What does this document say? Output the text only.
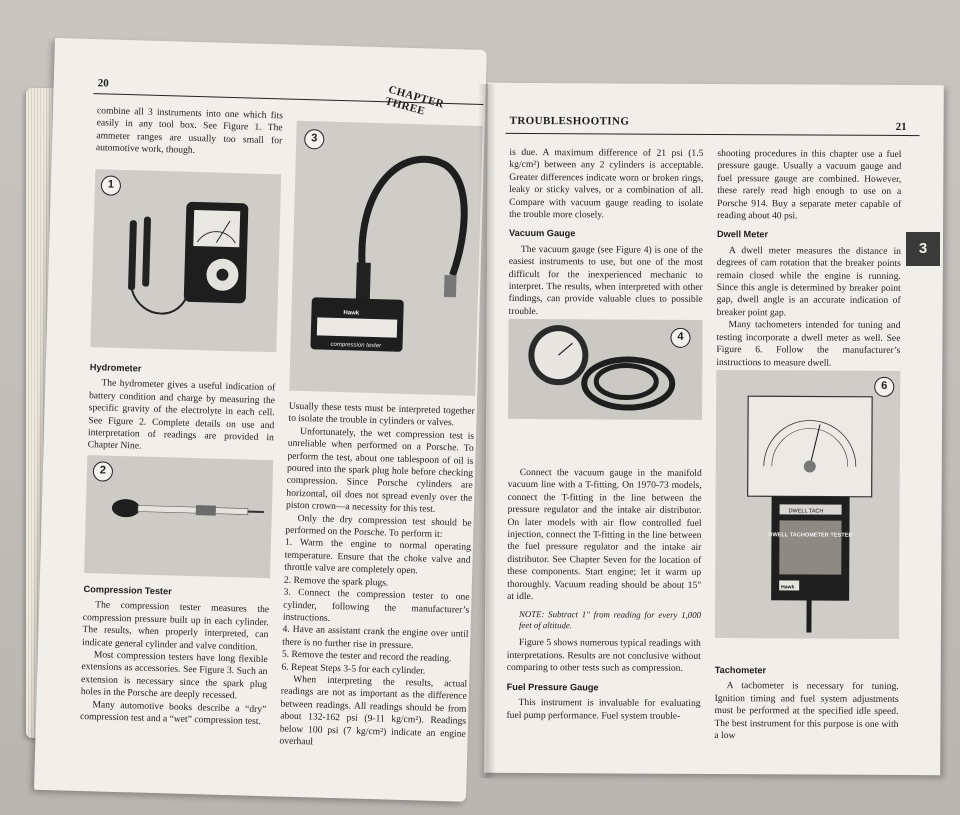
20
CHAPTER THREE

combine all 3 instruments into one which fits easily in any tool box. See Figure 1. The ammeter ranges are usually too small for automotive work, though.

1
Hydrometer

The hydrometer gives a useful indication of battery condition and charge by measuring the specific gravity of the electrolyte in each cell. See Figure 2. Complete details on use and interpretation of readings are provided in Chapter Nine.

2
Compression Tester

The compression tester measures the compression pressure built up in each cylinder. The results, when properly interpreted, can indicate general cylinder and valve condition.

Most compression testers have long flexible extensions as accessories. See Figure 3. Such an extension is necessary since the spark plug holes in the Porsche are deeply recessed.

Many automotive books describe a “dry” compression test and a “wet” compression test.

Hawk
compression tester
3

Usually these tests must be interpreted together to isolate the trouble in cylinders or valves.

Unfortunately, the wet compression test is unreliable when performed on a Porsche. To perform the test, about one tablespoon of oil is poured into the spark plug hole before checking compression. Since Porsche cylinders are horizontal, oil does not spread evenly over the piston crown—a necessity for this test.

Only the dry compression test should be performed on the Porsche. To perform it:

1. Warm the engine to normal operating temperature. Ensure that the choke valve and throttle valve are completely open.
2. Remove the spark plugs.
3. Connect the compression tester to one cylinder, following the manufacturer’s instructions.
4. Have an assistant crank the engine over until there is no further rise in pressure.
5. Remove the tester and record the reading.
6. Repeat Steps 3-5 for each cylinder.

When interpreting the results, actual readings are not as important as the difference between readings. All readings should be from about 132-162 psi (9-11 kg/cm²). Readings below 100 psi (7 kg/cm²) indicate an engine overhaul

TROUBLESHOOTING	21

is due. A maximum difference of 21 psi (1.5 kg/cm²) between any 2 cylinders is acceptable. Greater differences indicate worn or broken rings, leaky or sticky valves, or a combination of all. Compare with vacuum gauge reading to isolate the trouble more closely.

Vacuum Gauge

The vacuum gauge (see Figure 4) is one of the easiest instruments to use, but one of the most difficult for the inexperienced mechanic to interpret. The results, when interpreted with other findings, can provide valuable clues to possible trouble.

4

Connect the vacuum gauge in the manifold vacuum line with a T-fitting. On 1970-73 models, connect the T-fitting in the line between the pressure regulator and the intake air distributor. On later models with air flow controlled fuel injection, connect the T-fitting in the line between the fuel pressure regulator and the intake air distributor. See Chapter Seven for the location of these components. Start engine; let it warm up thoroughly. Vacuum reading should be about 15" at idle.

NOTE: Subtract 1" from reading for every 1,000 feet of altitude.

Figure 5 shows numerous typical readings with interpretations. Results are not conclusive without comparing to other tests such as compression.

Fuel Pressure Gauge

This instrument is invaluable for evaluating fuel pump performance. Fuel system trouble-

shooting procedures in this chapter use a fuel pressure gauge. Usually a vacuum gauge and fuel pressure gauge are combined. However, these rarely read high enough to use on a Porsche 914. Buy a separate meter capable of reading about 40 psi.

Dwell Meter

A dwell meter measures the distance in degrees of cam rotation that the breaker points remain closed while the engine is running. Since this angle is determined by breaker point gap, dwell angle is an accurate indication of breaker point gap.

Many tachometers intended for tuning and testing incorporate a dwell meter as well. See Figure 6. Follow the manufacturer’s instructions to measure dwell.

DWELL TACH
DWELL TACHOMETER TESTER
Hawk
6
Tachometer

A tachometer is necessary for tuning. Ignition timing and fuel system adjustments must be performed at the specified idle speed. The best instrument for this purpose is one with a low

3
